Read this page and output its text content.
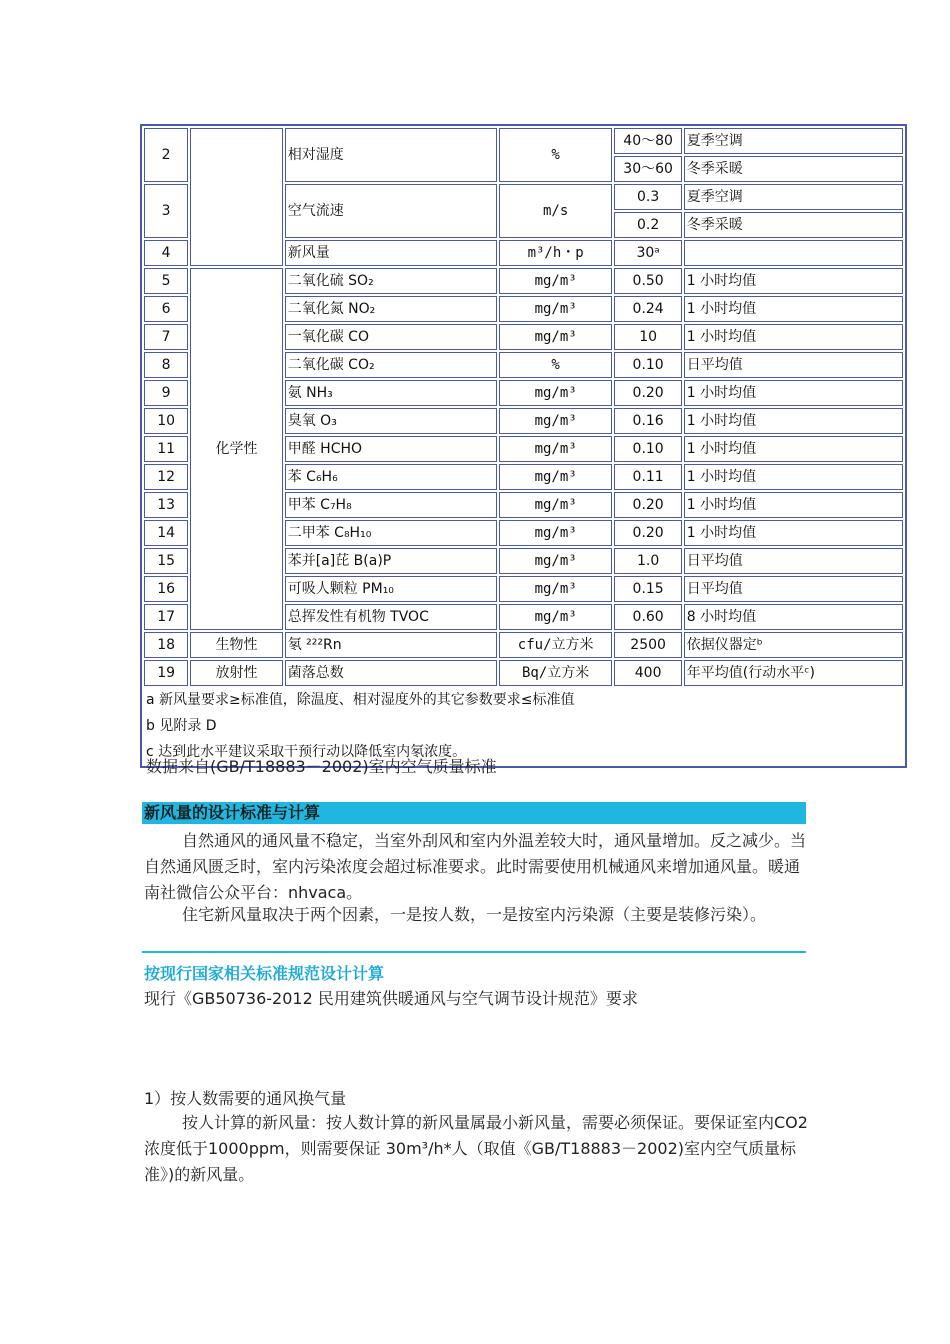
2		相对湿度	%	40～80	夏季空调
				30～60	冬季采暖
3		空气流速	m/s	0.3	夏季空调
				0.2	冬季采暖
4		新风量	m³/h・p	30ᵃ	
5	化学性	二氧化硫 SO₂	mg/m³	0.50	1 小时均值
6		二氧化氮 NO₂	mg/m³	0.24	1 小时均值
7		一氧化碳 CO	mg/m³	10	1 小时均值
8		二氧化碳 CO₂	%	0.10	日平均值
9		氨 NH₃	mg/m³	0.20	1 小时均值
10		臭氧 O₃	mg/m³	0.16	1 小时均值
11		甲醛 HCHO	mg/m³	0.10	1 小时均值
12		苯 C₆H₆	mg/m³	0.11	1 小时均值
13		甲苯 C₇H₈	mg/m³	0.20	1 小时均值
14		二甲苯 C₈H₁₀	mg/m³	0.20	1 小时均值
15		苯并[a]芘 B(a)P	mg/m³	1.0	日平均值
16		可吸人颗粒 PM₁₀	mg/m³	0.15	日平均值
17		总挥发性有机物 TVOC	mg/m³	0.60	8 小时均值
18	生物性	氡 ²²²Rn	cfu/立方米	2500	依据仪器定ᵇ
19	放射性	菌落总数	Bq/立方米	400	年平均值(行动水平ᶜ)
a 新风量要求≥标准值，除温度、相对湿度外的其它参数要求≤标准值					
b 见附录 D					
c 达到此水平建议采取干预行动以降低室内氡浓度。					
数据来自(GB/T18883－2002)室内空气质量标准
新风量的设计标准与计算
自然通风的通风量不稳定，当室外刮风和室内外温差较大时，通风量增加。反之减少。当自然通风匮乏时，室内污染浓度会超过标准要求。此时需要使用机械通风来增加通风量。暖通南社微信公众平台：nhvaca。
住宅新风量取决于两个因素，一是按人数，一是按室内污染源（主要是装修污染）。
按现行国家相关标准规范设计计算
现行《GB50736-2012 民用建筑供暖通风与空气调节设计规范》要求
1）按人数需要的通风换气量
按人计算的新风量：按人数计算的新风量属最小新风量，需要必须保证。要保证室内CO2 浓度低于1000ppm，则需要保证 30m³/h*人（取值《GB/T18883－2002)室内空气质量标准》)的新风量。
